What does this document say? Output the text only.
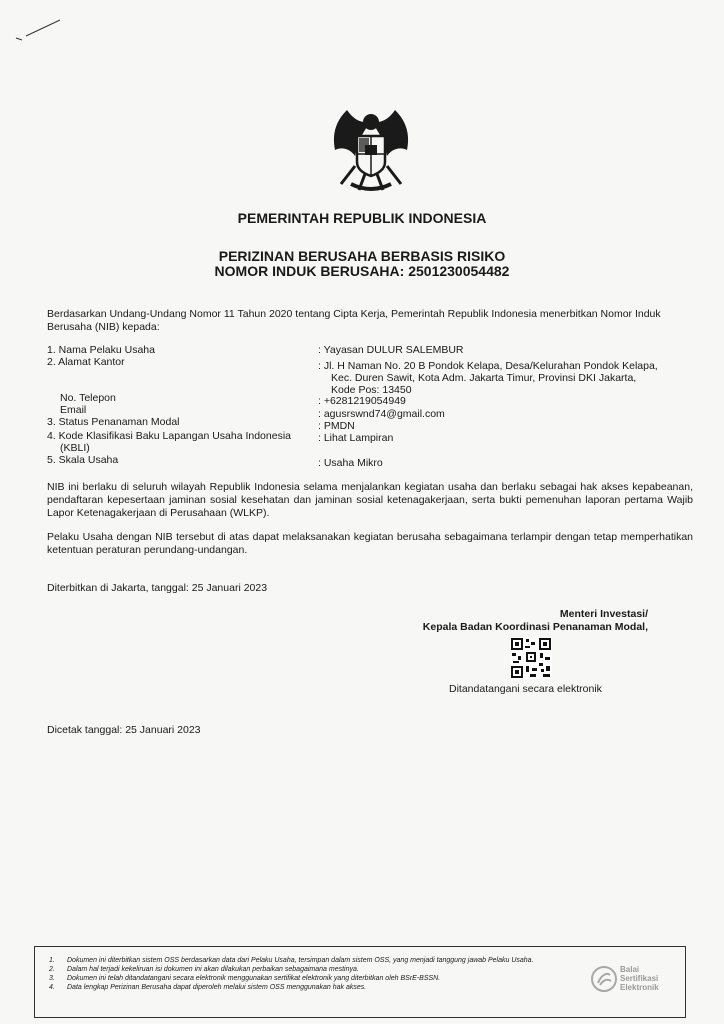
PEMERINTAH REPUBLIK INDONESIA
PERIZINAN BERUSAHA BERBASIS RISIKO
NOMOR INDUK BERUSAHA: 2501230054482
Berdasarkan Undang-Undang Nomor 11 Tahun 2020 tentang Cipta Kerja, Pemerintah Republik Indonesia menerbitkan Nomor Induk Berusaha (NIB) kepada:
1. Nama Pelaku Usaha	: Yayasan DULUR SALEMBUR
2. Alamat Kantor	: Jl. H Naman No. 20 B Pondok Kelapa, Desa/Kelurahan Pondok Kelapa,
Kec. Duren Sawit, Kota Adm. Jakarta Timur, Provinsi DKI Jakarta,
Kode Pos: 13450
No. Telepon	: +6281219054949
Email	: agusrswnd74@gmail.com
3. Status Penanaman Modal	: PMDN
4. Kode Klasifikasi Baku Lapangan Usaha Indonesia
(KBLI)
: Lihat Lampiran
5. Skala Usaha	: Usaha Mikro
NIB ini berlaku di seluruh wilayah Republik Indonesia selama menjalankan kegiatan usaha dan berlaku sebagai hak akses kepabeanan, pendaftaran kepesertaan jaminan sosial kesehatan dan jaminan sosial ketenagakerjaan, serta bukti pemenuhan laporan pertama Wajib Lapor Ketenagakerjaan di Perusahaan (WLKP).
Pelaku Usaha dengan NIB tersebut di atas dapat melaksanakan kegiatan berusaha sebagaimana terlampir dengan tetap memperhatikan ketentuan peraturan perundang-undangan.
Diterbitkan di Jakarta, tanggal: 25 Januari 2023
Menteri Investasi/
Kepala Badan Koordinasi Penanaman Modal,
Ditandatangani secara elektronik
Dicetak tanggal: 25 Januari 2023
1.	Dokumen ini diterbitkan sistem OSS berdasarkan data dari Pelaku Usaha, tersimpan dalam sistem OSS, yang menjadi tanggung jawab Pelaku Usaha.
2.	Dalam hal terjadi kekeliruan isi dokumen ini akan dilakukan perbaikan sebagaimana mestinya.
3.	Dokumen ini telah ditandatangani secara elektronik menggunakan sertifikat elektronik yang diterbitkan oleh BSrE-BSSN.
4.	Data lengkap Perizinan Berusaha dapat diperoleh melalui sistem OSS menggunakan hak akses.
Balai
Sertifikasi
Elektronik
